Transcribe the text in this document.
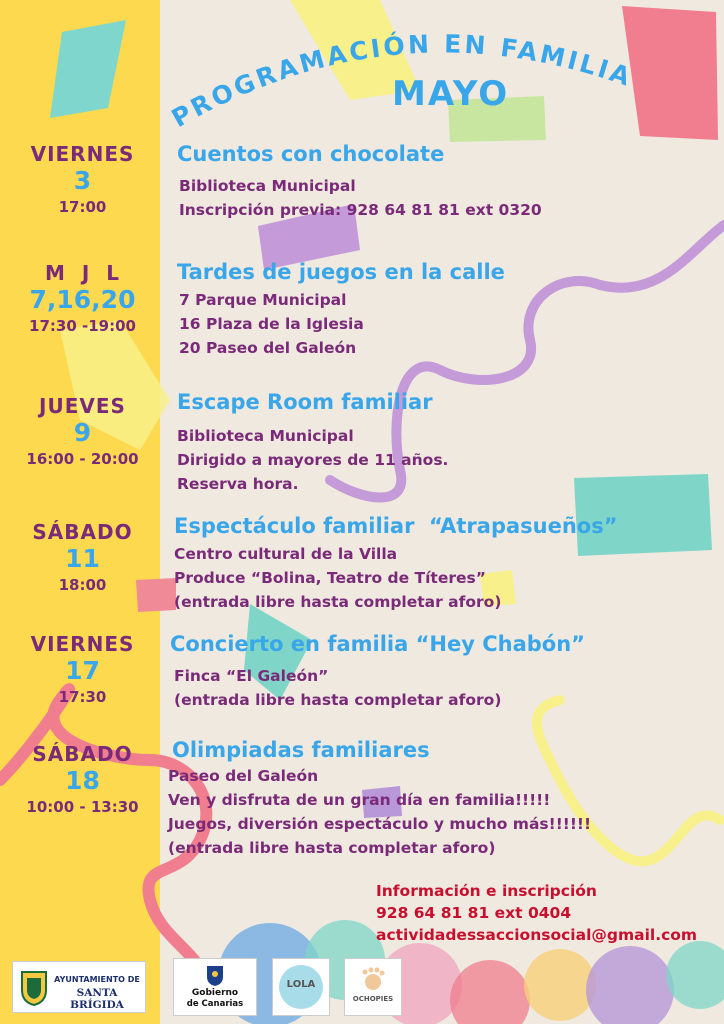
PROGRAMACIÓN EN FAMILIA
MAYO
VIERNES
3
17:00
Cuentos con chocolate
Biblioteca Municipal
Inscripción previa: 928 64 81 81 ext 0320
M  J  L
7,16,20
17:30 -19:00
Tardes de juegos en la calle
7 Parque Municipal
16 Plaza de la Iglesia
20 Paseo del Galeón
JUEVES
9
16:00 - 20:00
Escape Room familiar
Biblioteca Municipal
Dirigido a mayores de 11 años.
Reserva hora.
SÁBADO
11
18:00
Espectáculo familiar  “Atrapasueños”
Centro cultural de la Villa
Produce “Bolina, Teatro de Títeres”
(entrada libre hasta completar aforo)
VIERNES
17
17:30
Concierto en familia “Hey Chabón”
Finca “El Galeón”
(entrada libre hasta completar aforo)
SÁBADO
18
10:00 - 13:30
Olimpiadas familiares
Paseo del Galeón
Ven y disfruta de un gran día en familia!!!!!
Juegos, diversión espectáculo y mucho más!!!!!!
(entrada libre hasta completar aforo)
Información e inscripción
928 64 81 81 ext 0404
actividadessaccionsocial@gmail.com
AYUNTAMIENTO DE
SANTA BRÍGIDA
Gobierno
de Canarias
LOLA
OCHOPIES
